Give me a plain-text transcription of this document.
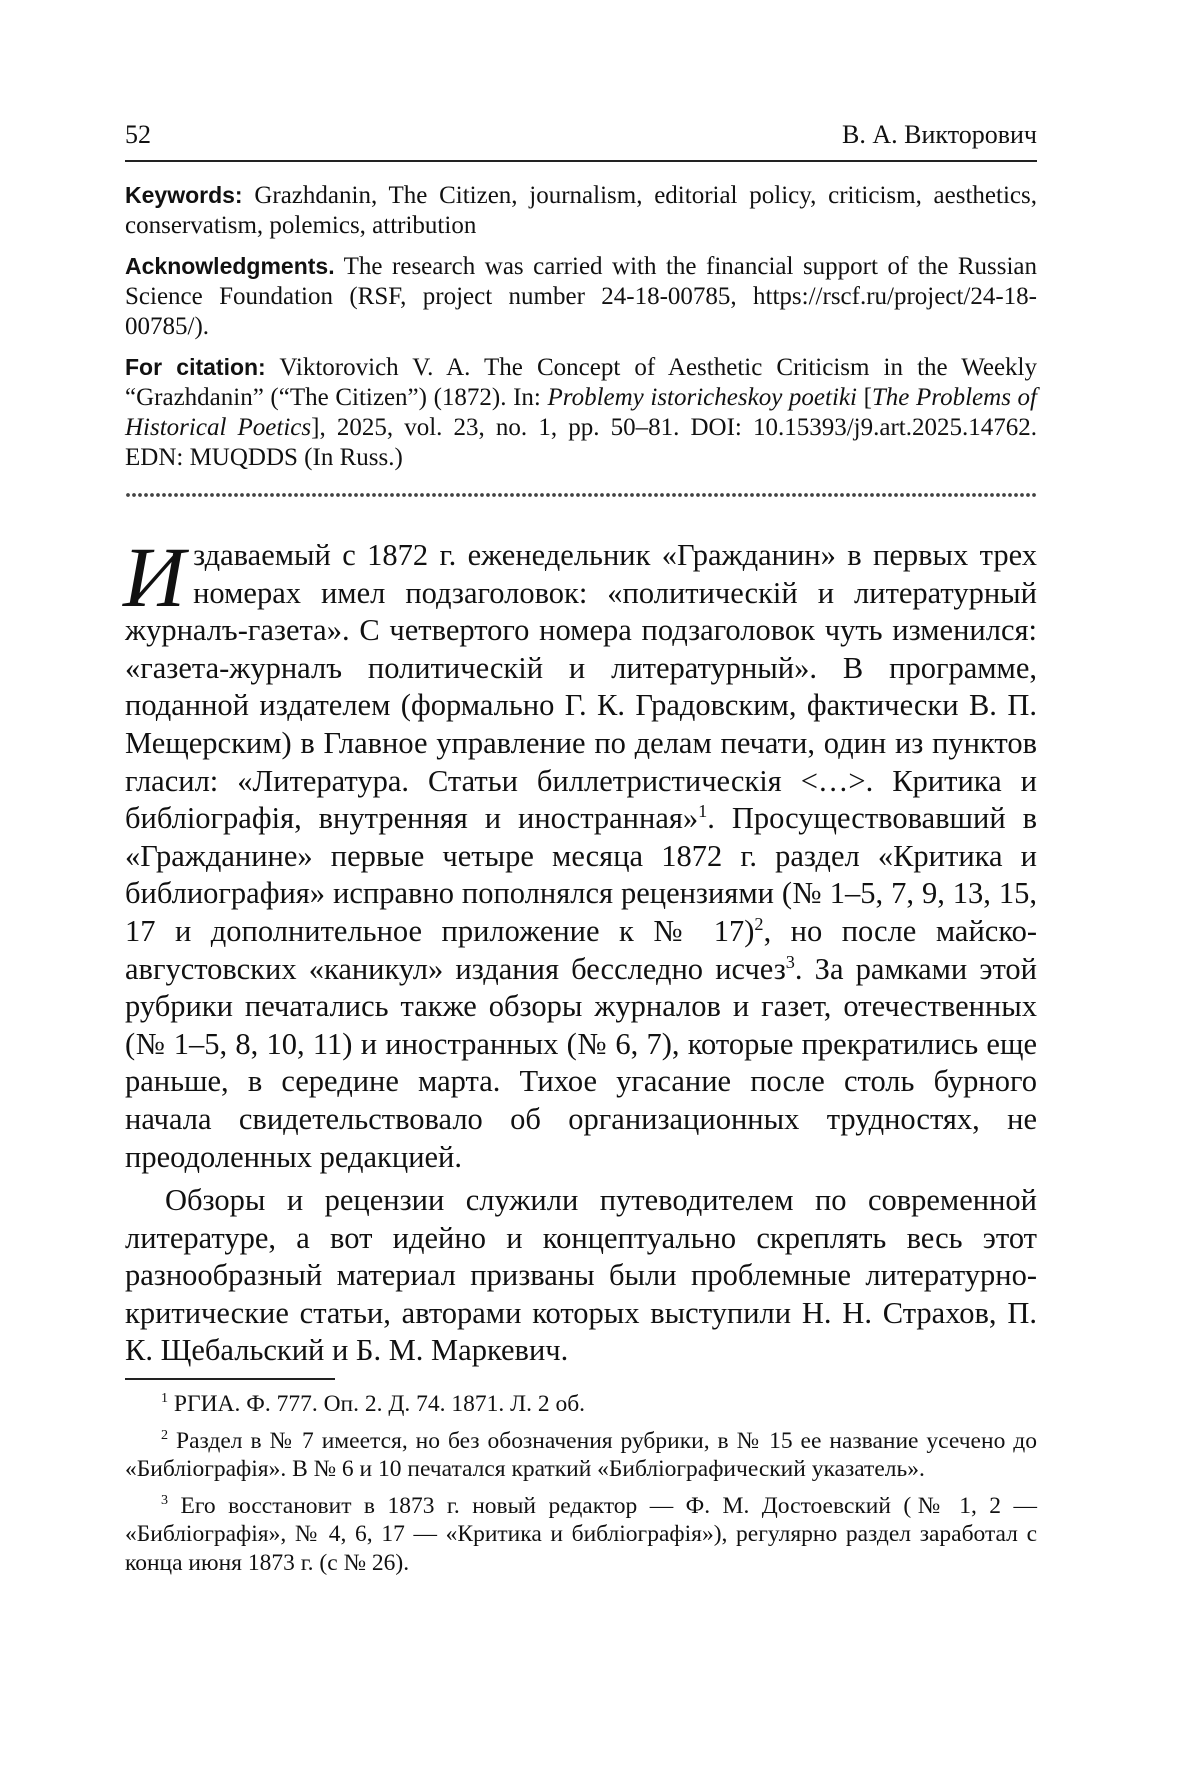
52	В. А. Викторович

Keywords: Grazhdanin, The Citizen, journalism, editorial policy, criticism, aesthetics, conservatism, polemics, attribution

Acknowledgments. The research was carried with the financial support of the Russian Science Foundation (RSF, project number 24-18-00785, https://rscf.ru/project/24-18-00785/).

For citation: Viktorovich V. A. The Concept of Aesthetic Criticism in the Weekly “Grazhdanin” (“The Citizen”) (1872). In: Problemy istoricheskoy poetiki [The Problems of Historical Poetics], 2025, vol. 23, no. 1, pp. 50–81. DOI: 10.15393/j9.art.2025.14762. EDN: MUQDDS (In Russ.)

Издаваемый с 1872 г. еженедельник «Гражданин» в первых трех номерах имел подзаголовок: «политическiй и литературный журналъ-газета». С четвертого номера подзаголовок чуть изменился: «газета-журналъ политическiй и литературный». В программе, поданной издателем (формально Г. К. Градовским, фактически В. П. Мещерским) в Главное управление по делам печати, один из пунктов гласил: «Литература. Статьи биллетристическiя <…>. Критика и библiографiя, внутренняя и иностранная»$^1$. Просуществовавший в «Гражданине» первые четыре месяца 1872 г. раздел «Критика и библиография» исправно пополнялся рецензиями (№ 1–5, 7, 9, 13, 15, 17 и дополнительное приложение к № 17)$^2$, но после майско-августовских «каникул» издания бесследно исчез$^3$. За рамками этой рубрики печатались также обзоры журналов и газет, отечественных (№ 1–5, 8, 10, 11) и иностранных (№ 6, 7), которые прекратились еще раньше, в середине марта. Тихое угасание после столь бурного начала свидетельствовало об организационных трудностях, не преодоленных редакцией.

Обзоры и рецензии служили путеводителем по современной литературе, а вот идейно и концептуально скреплять весь этот разнообразный материал призваны были проблемные литературно-критические статьи, авторами которых выступили Н. Н. Страхов, П. К. Щебальский и Б. М. Маркевич.

$^1$ РГИА. Ф. 777. Оп. 2. Д. 74. 1871. Л. 2 об.

$^2$ Раздел в № 7 имеется, но без обозначения рубрики, в № 15 ее название усечено до «Библiографiя». В № 6 и 10 печатался краткий «Библiографический указатель».

$^3$ Его восстановит в 1873 г. новый редактор — Ф. М. Достоевский (№ 1, 2 — «Библiографiя», № 4, 6, 17 — «Критика и библiографiя»), регулярно раздел заработал с конца июня 1873 г. (с № 26).
